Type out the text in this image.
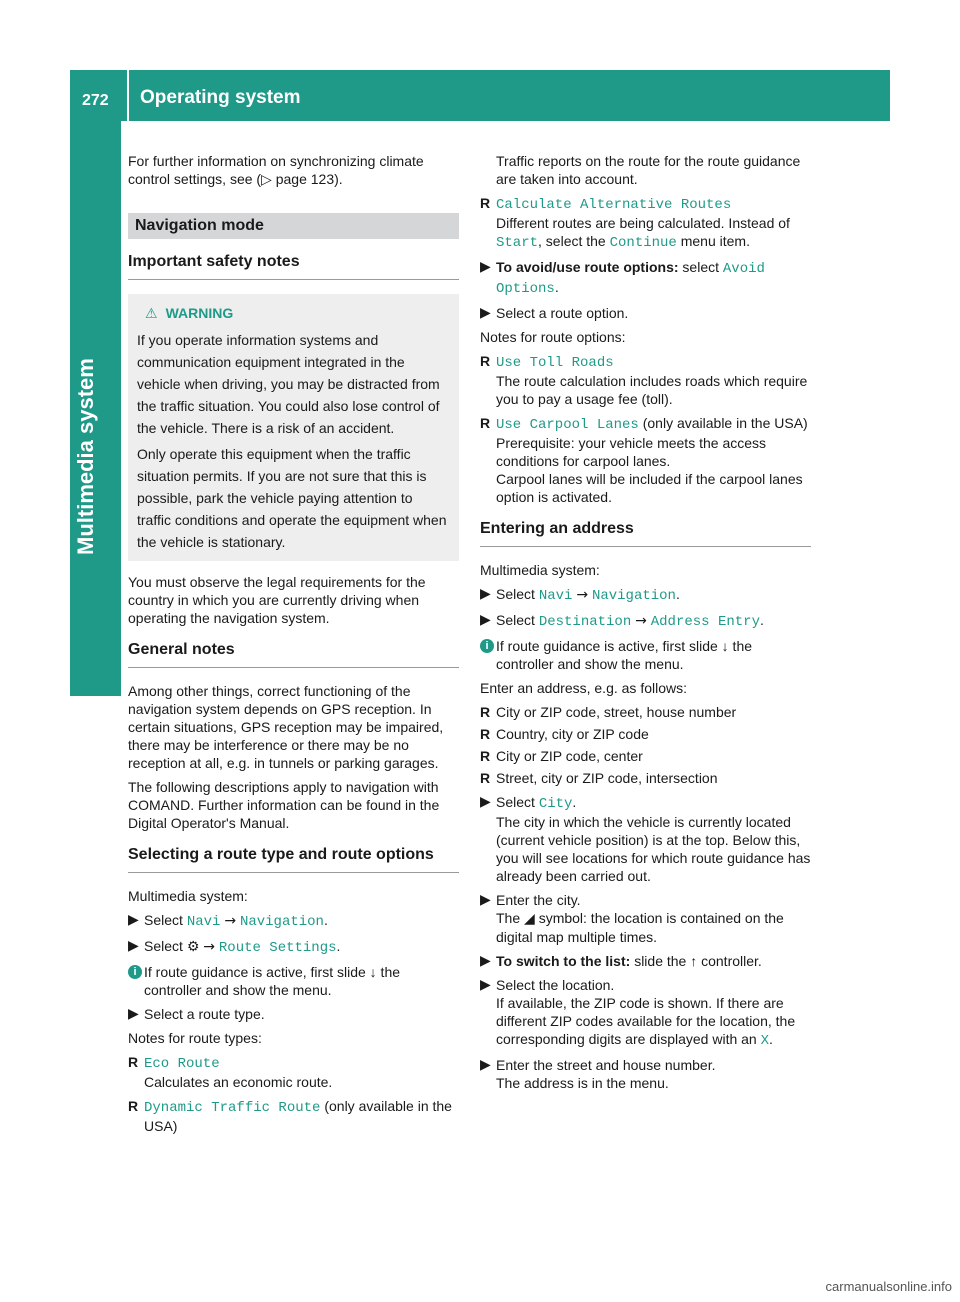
272 Operating system
Multimedia system

For further information on synchronizing climate control settings, see (▷ page 123).

Navigation mode
Important safety notes
⚠ WARNING
If you operate information systems and communication equipment integrated in the vehicle when driving, you may be distracted from the traffic situation. You could also lose control of the vehicle. There is a risk of an accident.
Only operate this equipment when the traffic situation permits. If you are not sure that this is possible, park the vehicle paying attention to traffic conditions and operate the equipment when the vehicle is stationary.

You must observe the legal requirements for the country in which you are currently driving when operating the navigation system.

General notes

Among other things, correct functioning of the navigation system depends on GPS reception. In certain situations, GPS reception may be impaired, there may be interference or there may be no reception at all, e.g. in tunnels or parking garages.

The following descriptions apply to navigation with COMAND. Further information can be found in the Digital Operator's Manual.

Selecting a route type and route options

Multimedia system:

▶ Select Navi → Navigation.
▶ Select ⚙ → Route Settings.
i If route guidance is active, first slide ↓ the controller and show the menu.
▶ Select a route type.

Notes for route types:

R Eco Route
Calculates an economic route.
R Dynamic Traffic Route (only available in the USA)
Traffic reports on the route for the route guidance are taken into account.
R Calculate Alternative Routes
Different routes are being calculated. Instead of Start, select the Continue menu item.
▶ To avoid/use route options: select Avoid Options.
▶ Select a route option.

Notes for route options:

R Use Toll Roads
The route calculation includes roads which require you to pay a usage fee (toll).
R Use Carpool Lanes (only available in the USA)
Prerequisite: your vehicle meets the access conditions for carpool lanes.
Carpool lanes will be included if the carpool lanes option is activated.
Entering an address

Multimedia system:

▶ Select Navi → Navigation.
▶ Select Destination → Address Entry.
i If route guidance is active, first slide ↓ the controller and show the menu.

Enter an address, e.g. as follows:

R City or ZIP code, street, house number
R Country, city or ZIP code
R City or ZIP code, center
R Street, city or ZIP code, intersection
▶ Select City.
The city in which the vehicle is currently located (current vehicle position) is at the top. Below this, you will see locations for which route guidance has already been carried out.
▶ Enter the city.
The ◢ symbol: the location is contained on the digital map multiple times.
▶ To switch to the list: slide the ↑ controller.
▶ Select the location.
If available, the ZIP code is shown. If there are different ZIP codes available for the location, the corresponding digits are displayed with an X.
▶ Enter the street and house number.
The address is in the menu.
carmanualsonline.info
